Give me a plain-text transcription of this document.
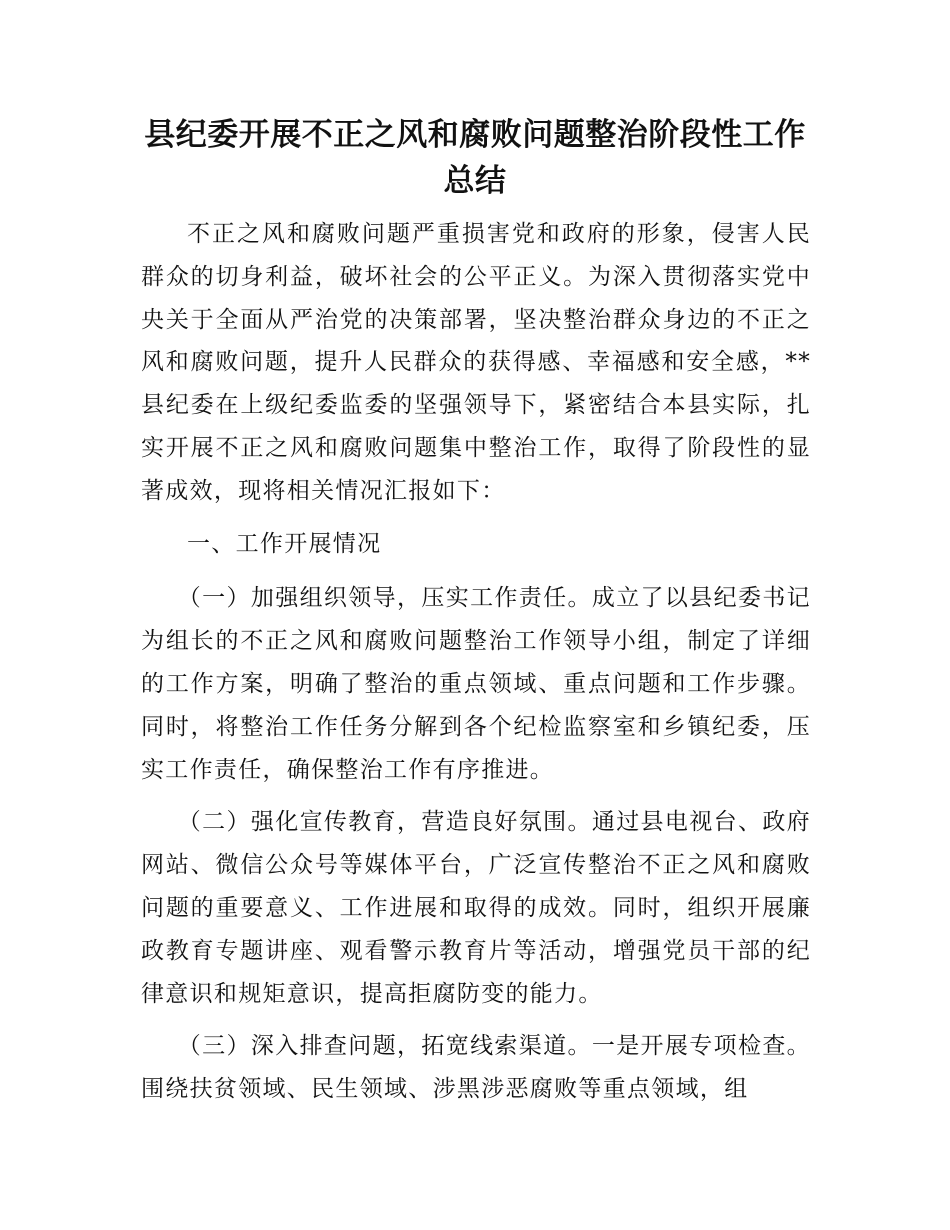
县纪委开展不正之风和腐败问题整治阶段性工作总结

不正之风和腐败问题严重损害党和政府的形象，侵害人民群众的切身利益，破坏社会的公平正义。为深入贯彻落实党中央关于全面从严治党的决策部署，坚决整治群众身边的不正之风和腐败问题，提升人民群众的获得感、幸福感和安全感，**县纪委在上级纪委监委的坚强领导下，紧密结合本县实际，扎实开展不正之风和腐败问题集中整治工作，取得了阶段性的显著成效，现将相关情况汇报如下：

一、工作开展情况

（一）加强组织领导，压实工作责任。成立了以县纪委书记为组长的不正之风和腐败问题整治工作领导小组，制定了详细的工作方案，明确了整治的重点领域、重点问题和工作步骤。同时，将整治工作任务分解到各个纪检监察室和乡镇纪委，压实工作责任，确保整治工作有序推进。

（二）强化宣传教育，营造良好氛围。通过县电视台、政府网站、微信公众号等媒体平台，广泛宣传整治不正之风和腐败问题的重要意义、工作进展和取得的成效。同时，组织开展廉政教育专题讲座、观看警示教育片等活动，增强党员干部的纪律意识和规矩意识，提高拒腐防变的能力。

（三）深入排查问题，拓宽线索渠道。一是开展专项检查。围绕扶贫领域、民生领域、涉黑涉恶腐败等重点领域，组
